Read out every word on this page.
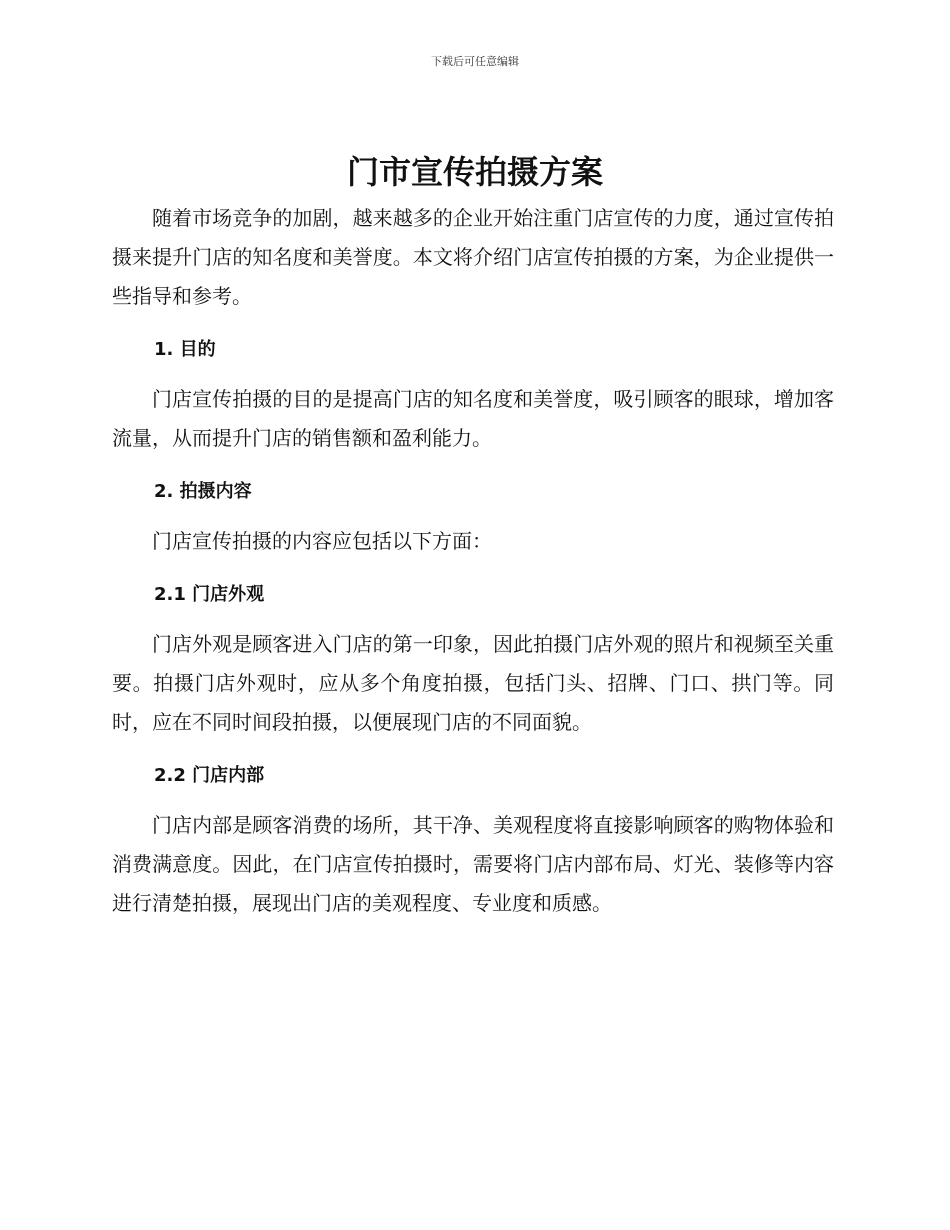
下载后可任意编辑
门市宣传拍摄方案

随着市场竞争的加剧，越来越多的企业开始注重门店宣传的力度，通过宣传拍摄来提升门店的知名度和美誉度。本文将介绍门店宣传拍摄的方案，为企业提供一些指导和参考。

1. 目的

门店宣传拍摄的目的是提高门店的知名度和美誉度，吸引顾客的眼球，增加客流量，从而提升门店的销售额和盈利能力。

2. 拍摄内容

门店宣传拍摄的内容应包括以下方面：

2.1 门店外观

门店外观是顾客进入门店的第一印象，因此拍摄门店外观的照片和视频至关重要。拍摄门店外观时，应从多个角度拍摄，包括门头、招牌、门口、拱门等。同时，应在不同时间段拍摄，以便展现门店的不同面貌。

2.2 门店内部

门店内部是顾客消费的场所，其干净、美观程度将直接影响顾客的购物体验和消费满意度。因此，在门店宣传拍摄时，需要将门店内部布局、灯光、装修等内容进行清楚拍摄，展现出门店的美观程度、专业度和质感。
